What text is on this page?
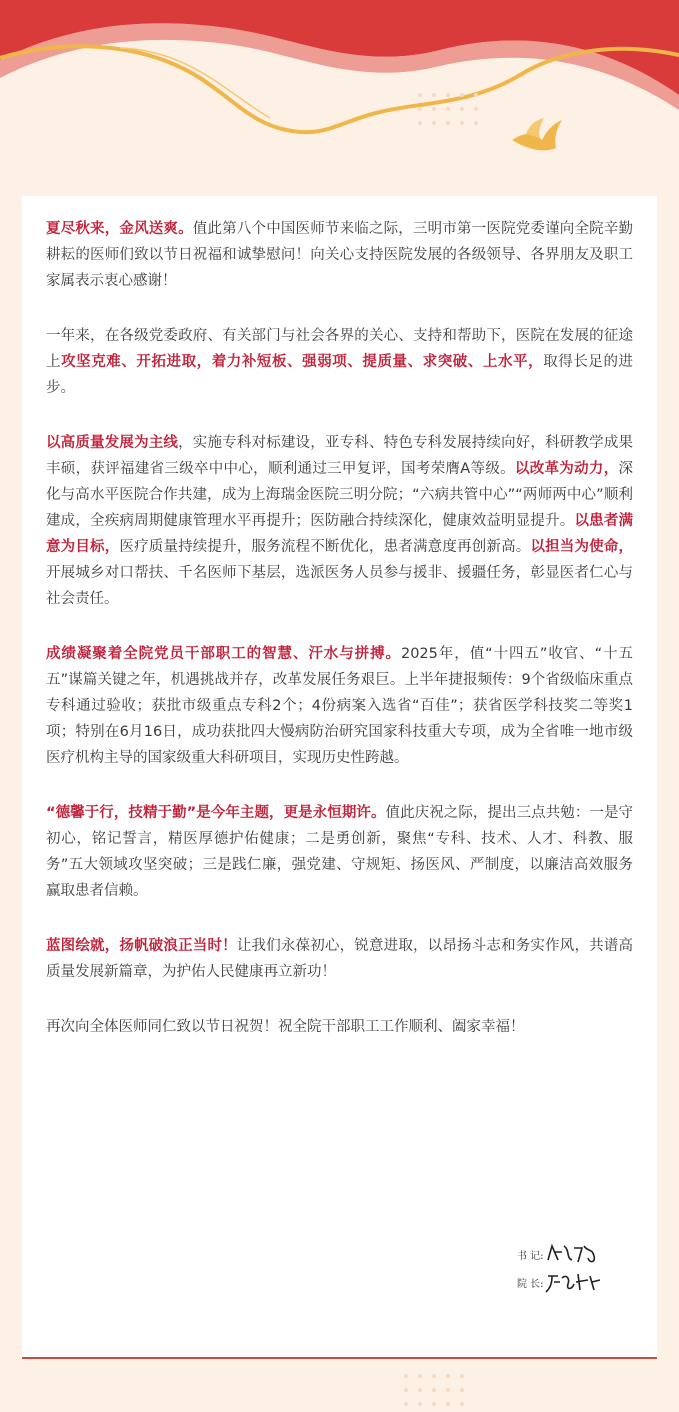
夏尽秋来，金风送爽。值此第八个中国医师节来临之际，三明市第一医院党委谨向全院辛勤耕耘的医师们致以节日祝福和诚挚慰问！向关心支持医院发展的各级领导、各界朋友及职工家属表示衷心感谢！

一年来，在各级党委政府、有关部门与社会各界的关心、支持和帮助下，医院在发展的征途上攻坚克难、开拓进取，着力补短板、强弱项、提质量、求突破、上水平，取得长足的进步。

以高质量发展为主线，实施专科对标建设，亚专科、特色专科发展持续向好，科研教学成果丰硕，获评福建省三级卒中中心，顺利通过三甲复评，国考荣膺A等级。以改革为动力，深化与高水平医院合作共建，成为上海瑞金医院三明分院；“六病共管中心”“两师两中心”顺利建成，全疾病周期健康管理水平再提升；医防融合持续深化，健康效益明显提升。以患者满意为目标，医疗质量持续提升，服务流程不断优化，患者满意度再创新高。以担当为使命，开展城乡对口帮扶、千名医师下基层，选派医务人员参与援非、援疆任务，彰显医者仁心与社会责任。

成绩凝聚着全院党员干部职工的智慧、汗水与拼搏。2025年，值“十四五”收官、“十五五”谋篇关键之年，机遇挑战并存，改革发展任务艰巨。上半年捷报频传：9个省级临床重点专科通过验收；获批市级重点专科2个；4份病案入选省“百佳”；获省医学科技奖二等奖1项；特别在6月16日，成功获批四大慢病防治研究国家科技重大专项，成为全省唯一地市级医疗机构主导的国家级重大科研项目，实现历史性跨越。

“德馨于行，技精于勤”是今年主题，更是永恒期许。值此庆祝之际，提出三点共勉：一是守初心，铭记誓言，精医厚德护佑健康；二是勇创新，聚焦“专科、技术、人才、科教、服务”五大领域攻坚突破；三是践仁廉，强党建、守规矩、扬医风、严制度，以廉洁高效服务赢取患者信赖。

蓝图绘就，扬帆破浪正当时！让我们永葆初心，锐意进取，以昂扬斗志和务实作风，共谱高质量发展新篇章，为护佑人民健康再立新功！

再次向全体医师同仁致以节日祝贺！祝全院干部职工工作顺利、阖家幸福！

书 记:
院 长:
